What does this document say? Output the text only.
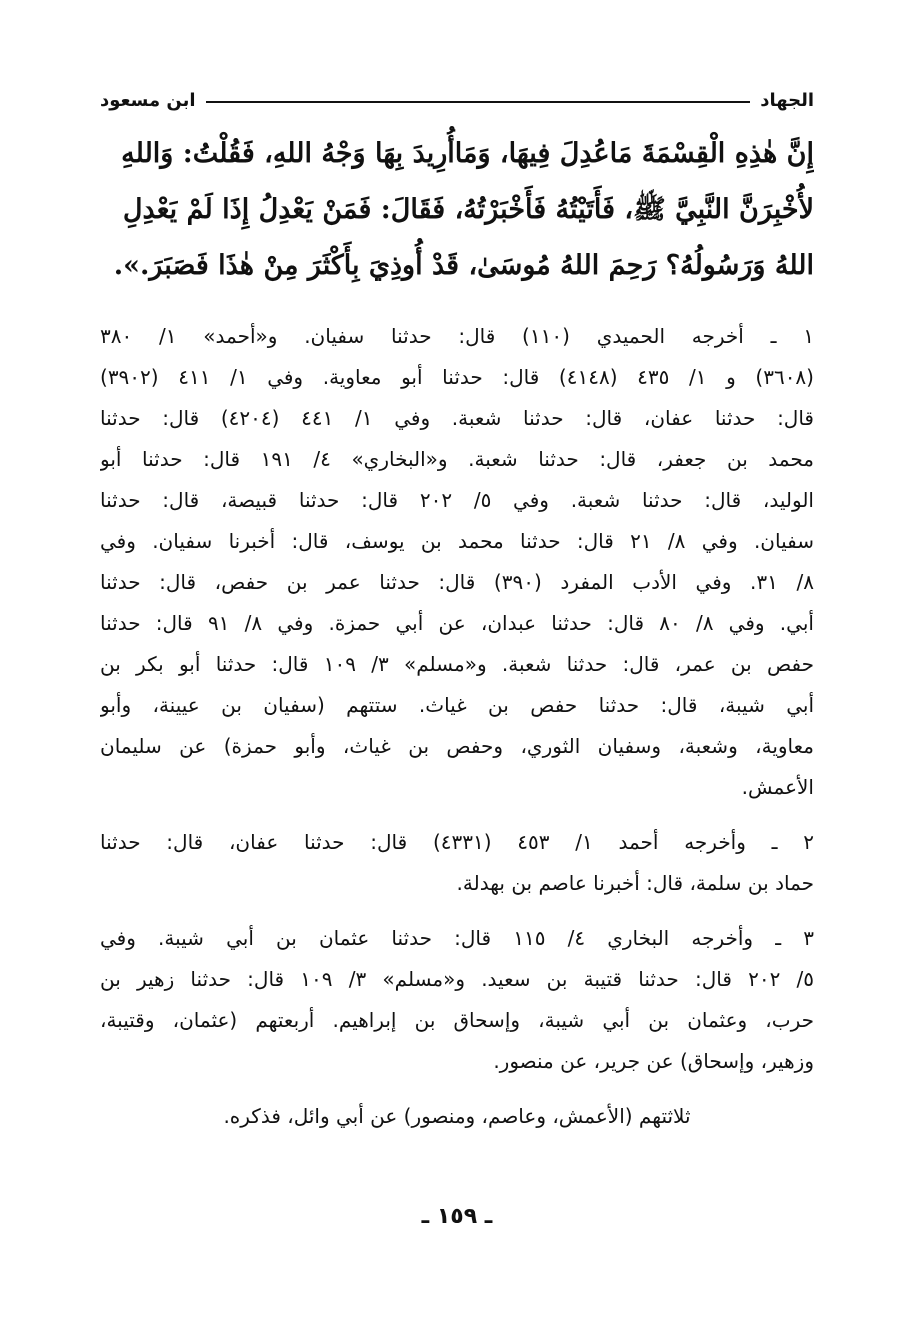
الجهاد
ابن مسعود
إِنَّ هٰذِهِ الْقِسْمَةَ مَاعُدِلَ فِيهَا، وَمَاأُرِيدَ بِهَا وَجْهُ اللهِ، فَقُلْتُ: وَاللهِ
لأُخْبِرَنَّ النَّبِيَّ ﷺ، فَأَتَيْتُهُ فَأَخْبَرْتُهُ، فَقَالَ: فَمَنْ يَعْدِلُ إِذَا لَمْ يَعْدِلِ
اللهُ وَرَسُولُهُ؟ رَحِمَ اللهُ مُوسَىٰ، قَدْ أُوذِيَ بِأَكْثَرَ مِنْ هٰذَا فَصَبَرَ.».
١ ـ أخرجه الحميدي (١١٠) قال: حدثنا سفيان. و«أحمد» ١/ ٣٨٠
(٣٦٠٨) و ١/ ٤٣٥ (٤١٤٨) قال: حدثنا أبو معاوية. وفي ١/ ٤١١ (٣٩٠٢)
قال: حدثنا عفان، قال: حدثنا شعبة. وفي ١/ ٤٤١ (٤٢٠٤) قال: حدثنا
محمد بن جعفر، قال: حدثنا شعبة. و«البخاري» ٤/ ١٩١ قال: حدثنا أبو
الوليد، قال: حدثنا شعبة. وفي ٥/ ٢٠٢ قال: حدثنا قبيصة، قال: حدثنا
سفيان. وفي ٨/ ٢١ قال: حدثنا محمد بن يوسف، قال: أخبرنا سفيان. وفي
٨/ ٣١. وفي الأدب المفرد (٣٩٠) قال: حدثنا عمر بن حفص، قال: حدثنا
أبي. وفي ٨/ ٨٠ قال: حدثنا عبدان، عن أبي حمزة. وفي ٨/ ٩١ قال: حدثنا
حفص بن عمر، قال: حدثنا شعبة. و«مسلم» ٣/ ١٠٩ قال: حدثنا أبو بكر بن
أبي شيبة، قال: حدثنا حفص بن غياث. ستتهم (سفيان بن عيينة، وأبو
معاوية، وشعبة، وسفيان الثوري، وحفص بن غياث، وأبو حمزة) عن سليمان
الأعمش.
٢ ـ وأخرجه أحمد ١/ ٤٥٣ (٤٣٣١) قال: حدثنا عفان، قال: حدثنا
حماد بن سلمة، قال: أخبرنا عاصم بن بهدلة.
٣ ـ وأخرجه البخاري ٤/ ١١٥ قال: حدثنا عثمان بن أبي شيبة. وفي
٥/ ٢٠٢ قال: حدثنا قتيبة بن سعيد. و«مسلم» ٣/ ١٠٩ قال: حدثنا زهير بن
حرب، وعثمان بن أبي شيبة، وإسحاق بن إبراهيم. أربعتهم (عثمان، وقتيبة،
وزهير، وإسحاق) عن جرير، عن منصور.
ثلاثتهم (الأعمش، وعاصم، ومنصور) عن أبي وائل، فذكره.
ـ ١٥٩ ـ
